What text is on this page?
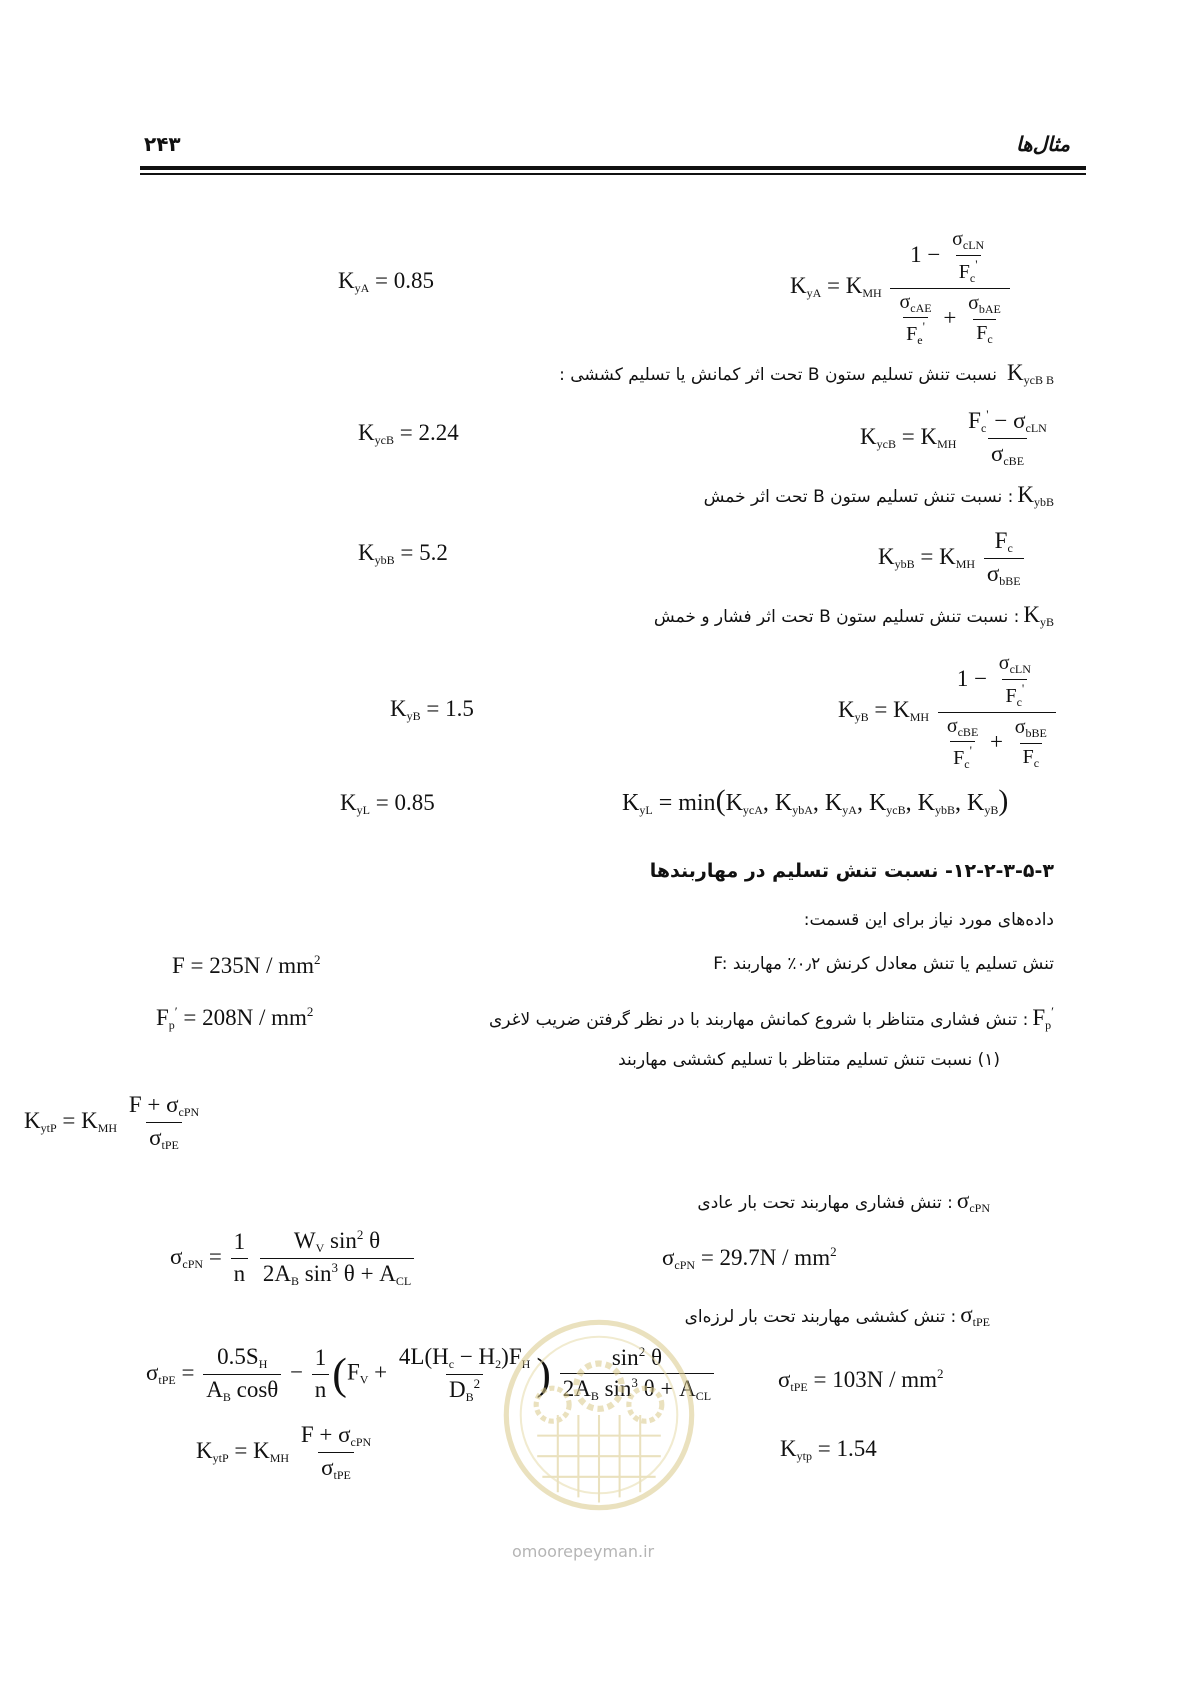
۲۴۳	مثال‌ها
$K_{yA} = K_{MH} \frac{1 - \frac{\sigma_{cLN}}{F_c'}}{\frac{\sigma_{cAE}}{F_e'} + \frac{\sigma_{bAE}}{F_c}}$
$K_{yA} = 0.85$
نسبت تنش تسلیم ستون B تحت اثر کمانش یا تسلیم کششی : $K_{ycB B}$
$K_{ycB} = K_{MH} \frac{F_c' - \sigma_{cLN}}{\sigma_{cBE}}$
$K_{ycB} = 2.24$
: نسبت تنش تسلیم ستون B تحت اثر خمش $K_{ybB}$
$K_{ybB} = K_{MH} \frac{F_c}{\sigma_{bBE}}$
$K_{ybB} = 5.2$
: نسبت تنش تسلیم ستون B تحت اثر فشار و خمش $K_{yB}$
$K_{yB} = K_{MH} \frac{1 - \frac{\sigma_{cLN}}{F_c'}}{\frac{\sigma_{cBE}}{F_c'} + \frac{\sigma_{bBE}}{F_c}}$
$K_{yB} = 1.5$
$K_{yL} = \min(K_{ycA}$, $K_{ybA}$, $K_{yA}$, $K_{ycB}$, $K_{ybB}$, $K_{yB}$)
$K_{yL} = 0.85$
۱۲-۲-۳-۵-۳- نسبت تنش تسلیم در مهاربندها
داده‌های مورد نیاز برای این قسمت:
F: تنش تسلیم یا تنش معادل کرنش ۰٫۲٪ مهاربند
$F = 235N / mm^2$
: تنش فشاری متناظر با شروع کمانش مهاربند با در نظر گرفتن ضریب لاغری $F_p'$
$F_p' = 208N / mm^2$
(۱) نسبت تنش تسلیم متناظر با تسلیم کششی مهاربند
$K_{ytP} = K_{MH} \frac{F + \sigma_{cPN}}{\sigma_{tPE}}$
: تنش فشاری مهاربند تحت بار عادی $\sigma_{cPN}$
$\sigma_{cPN} = \frac{1}{n}$
$\frac{W_V \sin^2 \theta}{2A_B \sin^3 \theta + A_{CL}}$	$\sigma_{cPN} = 29.7N / mm^2$
: تنش کششی مهاربند تحت بار لرزه‌ای $\sigma_{tPE}$
$\sigma_{tPE} = \frac{0.5S_H}{A_B \cos\theta} - \frac{1}{n} (F_V + \frac{4L(H_c - H_2)F_H}{D_B^2}$ ) $\frac{\sin^2 \theta}{2A_B \sin^3 \theta + A_{CL}}$	$\sigma_{tPE} = 103N / mm^2$
$K_{ytP} = K_{MH} \frac{F + \sigma_{cPN}}{\sigma_{tPE}}$	$K_{ytp} = 1.54$
omoorepeyman.ir
